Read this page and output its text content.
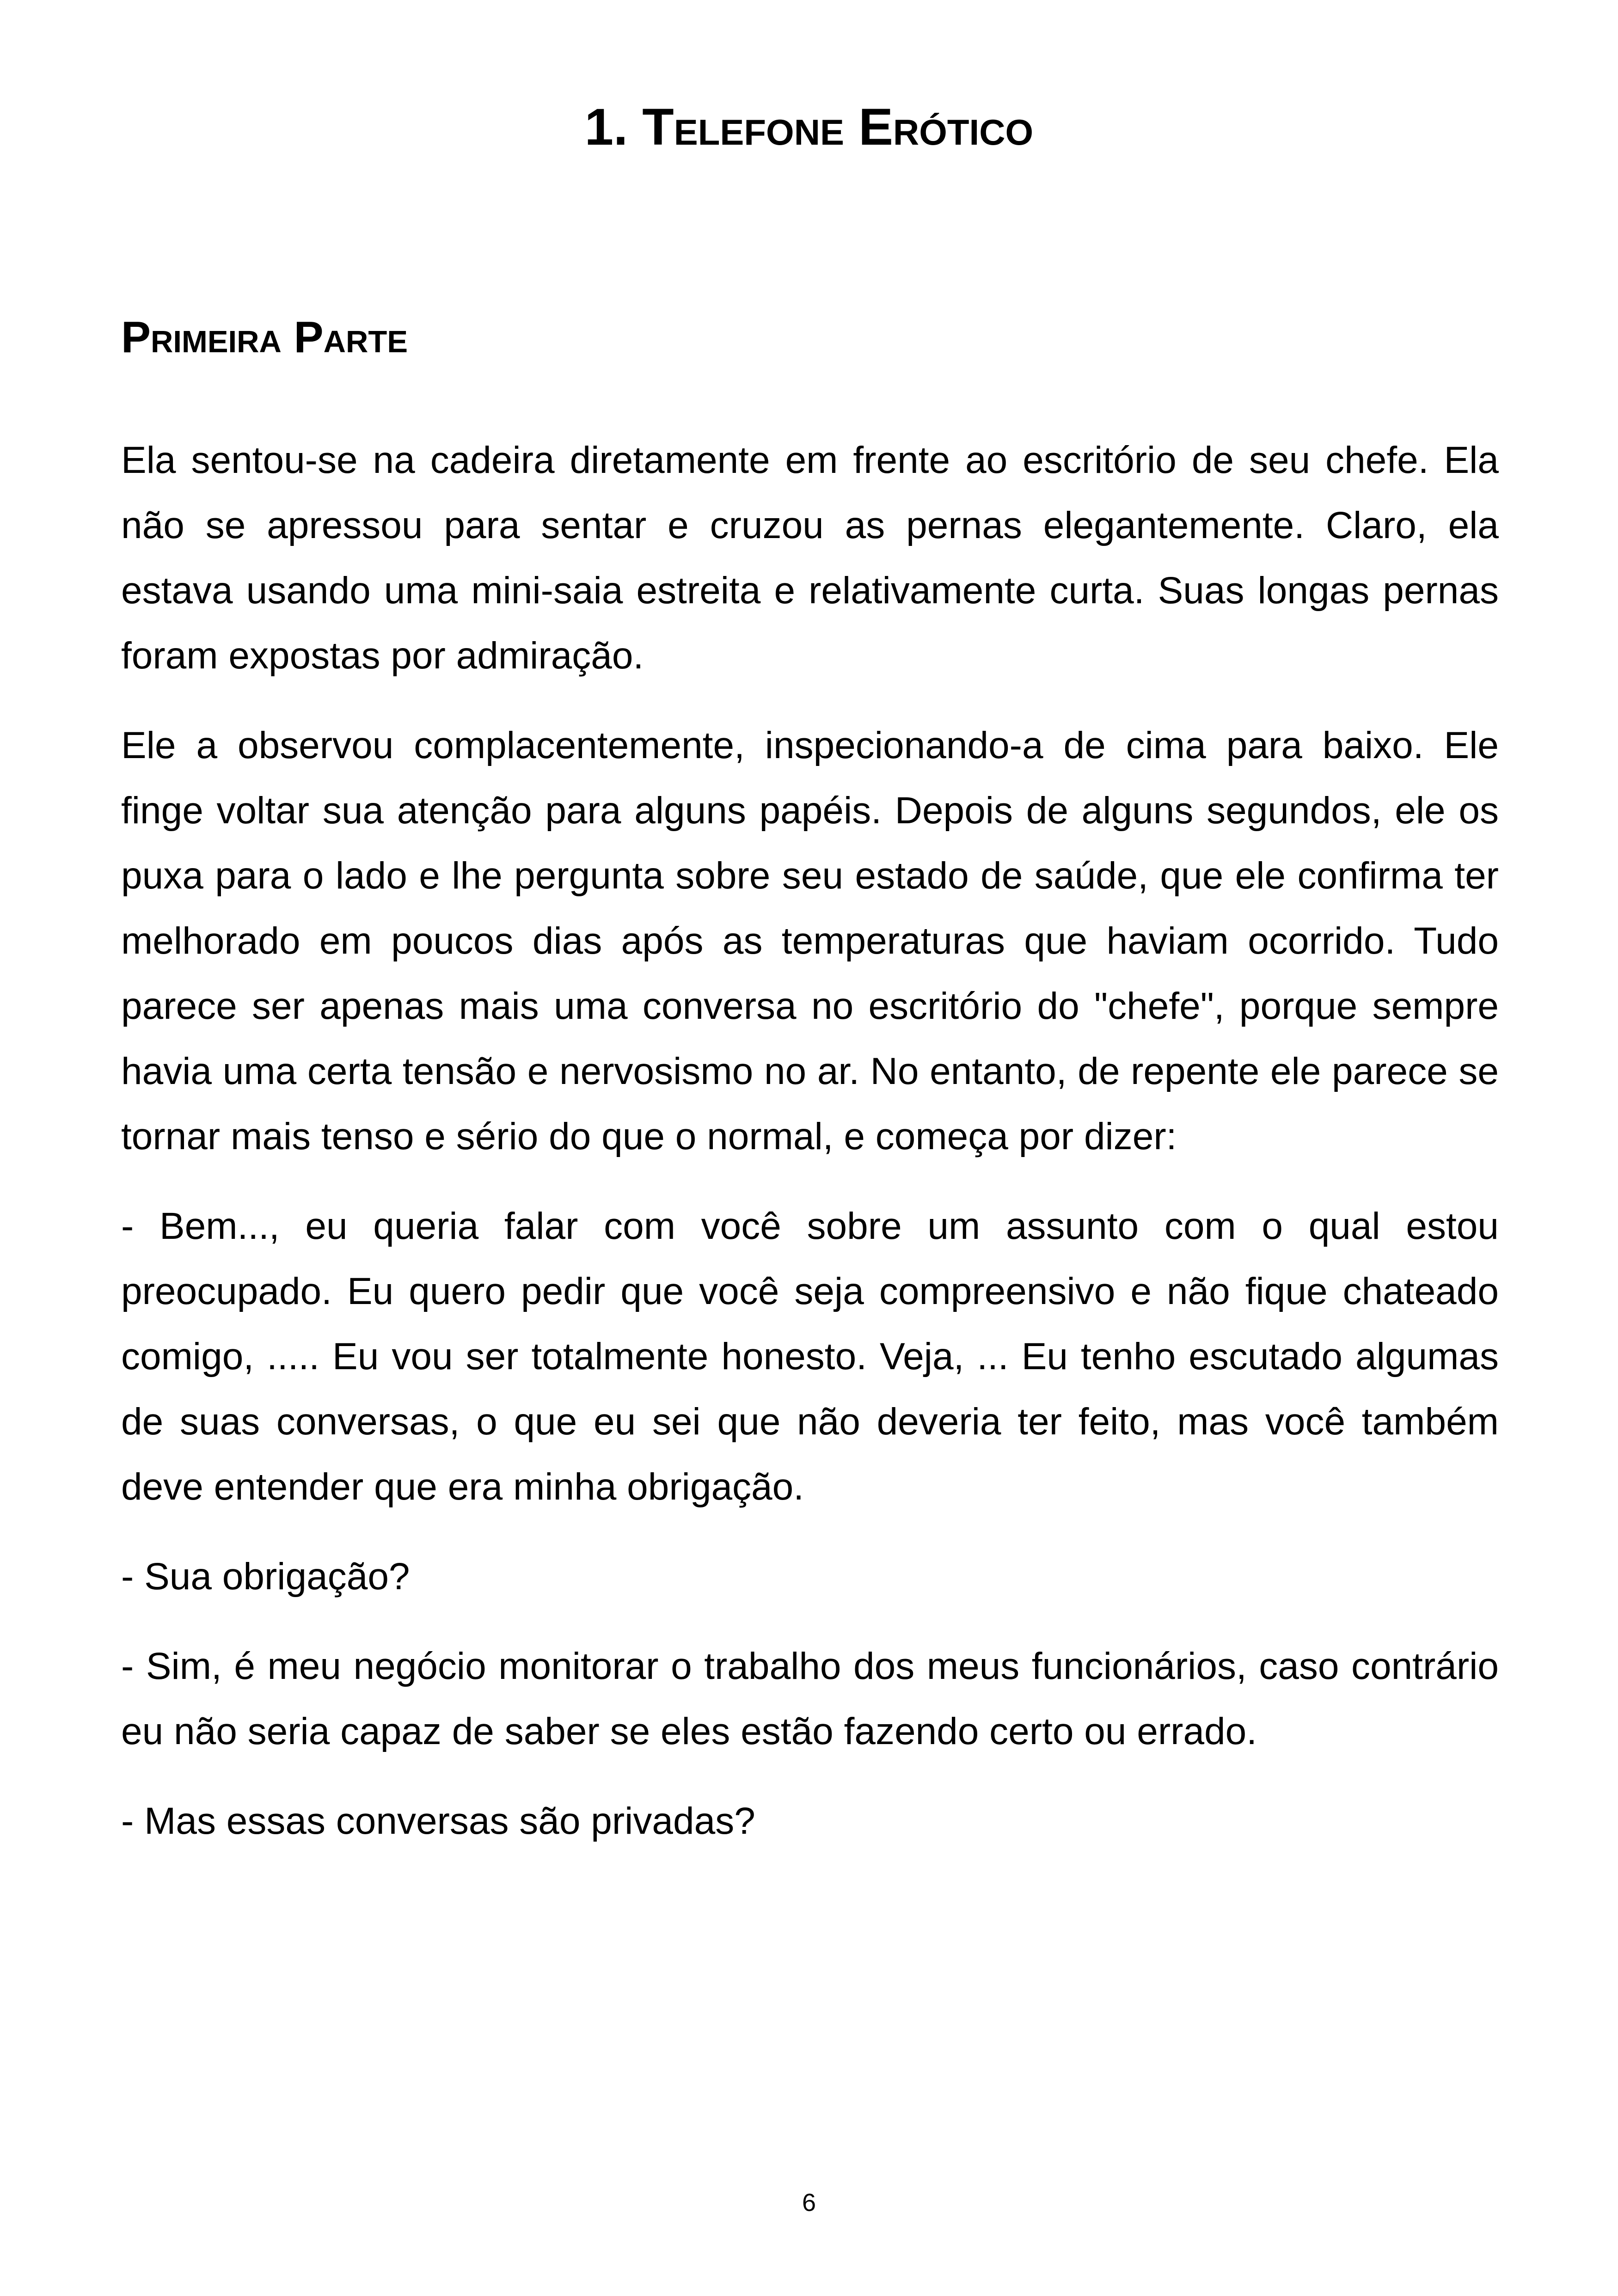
1. Telefone Erótico
Primeira Parte

Ela sentou-se na cadeira diretamente em frente ao escritório de seu chefe. Ela não se apressou para sentar e cruzou as pernas elegantemente. Claro, ela estava usando uma mini-saia estreita e relativamente curta. Suas longas pernas foram expostas por admiração.

Ele a observou complacentemente, inspecionando-a de cima para baixo. Ele finge voltar sua atenção para alguns papéis. Depois de alguns segundos, ele os puxa para o lado e lhe pergunta sobre seu estado de saúde, que ele confirma ter melhorado em poucos dias após as temperaturas que haviam ocorrido. Tudo parece ser apenas mais uma conversa no escritório do "chefe", porque sempre havia uma certa tensão e nervosismo no ar. No entanto, de repente ele parece se tornar mais tenso e sério do que o normal, e começa por dizer:

- Bem..., eu queria falar com você sobre um assunto com o qual estou preocupado. Eu quero pedir que você seja compreensivo e não fique chateado comigo, ..... Eu vou ser totalmente honesto. Veja, ... Eu tenho escutado algumas de suas conversas, o que eu sei que não deveria ter feito, mas você também deve entender que era minha obrigação.

- Sua obrigação?

- Sim, é meu negócio monitorar o trabalho dos meus funcionários, caso contrário eu não seria capaz de saber se eles estão fazendo certo ou errado.

- Mas essas conversas são privadas?

6
